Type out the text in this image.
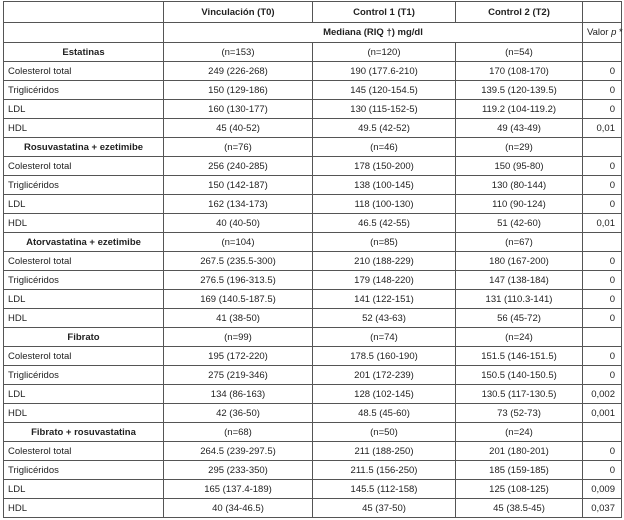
	Vinculación (T0)	Control 1 (T1)	Control 2 (T2)	
	Mediana (RIQ †) mg/dl			Valor p *
Estatinas	(n=153)	(n=120)	(n=54)	
Colesterol total	249 (226-268)	190 (177.6-210)	170 (108-170)	0
Triglicéridos	150 (129-186)	145 (120-154.5)	139.5 (120-139.5)	0
LDL	160 (130-177)	130 (115-152-5)	119.2 (104-119.2)	0
HDL	45 (40-52)	49.5 (42-52)	49 (43-49)	0,01
Rosuvastatina + ezetimibe	(n=76)	(n=46)	(n=29)	
Colesterol total	256 (240-285)	178 (150-200)	150 (95-80)	0
Triglicéridos	150 (142-187)	138 (100-145)	130 (80-144)	0
LDL	162 (134-173)	118 (100-130)	110 (90-124)	0
HDL	40 (40-50)	46.5 (42-55)	51 (42-60)	0,01
Atorvastatina + ezetimibe	(n=104)	(n=85)	(n=67)	
Colesterol total	267.5 (235.5-300)	210 (188-229)	180 (167-200)	0
Triglicéridos	276.5 (196-313.5)	179 (148-220)	147 (138-184)	0
LDL	169 (140.5-187.5)	141 (122-151)	131 (110.3-141)	0
HDL	41 (38-50)	52 (43-63)	56 (45-72)	0
Fibrato	(n=99)	(n=74)	(n=24)	
Colesterol total	195 (172-220)	178.5 (160-190)	151.5 (146-151.5)	0
Triglicéridos	275 (219-346)	201 (172-239)	150.5 (140-150.5)	0
LDL	134 (86-163)	128 (102-145)	130.5 (117-130.5)	0,002
HDL	42 (36-50)	48.5 (45-60)	73 (52-73)	0,001
Fibrato + rosuvastatina	(n=68)	(n=50)	(n=24)	
Colesterol total	264.5 (239-297.5)	211 (188-250)	201 (180-201)	0
Triglicéridos	295 (233-350)	211.5 (156-250)	185 (159-185)	0
LDL	165 (137.4-189)	145.5 (112-158)	125 (108-125)	0,009
HDL	40 (34-46.5)	45 (37-50)	45 (38.5-45)	0,037
